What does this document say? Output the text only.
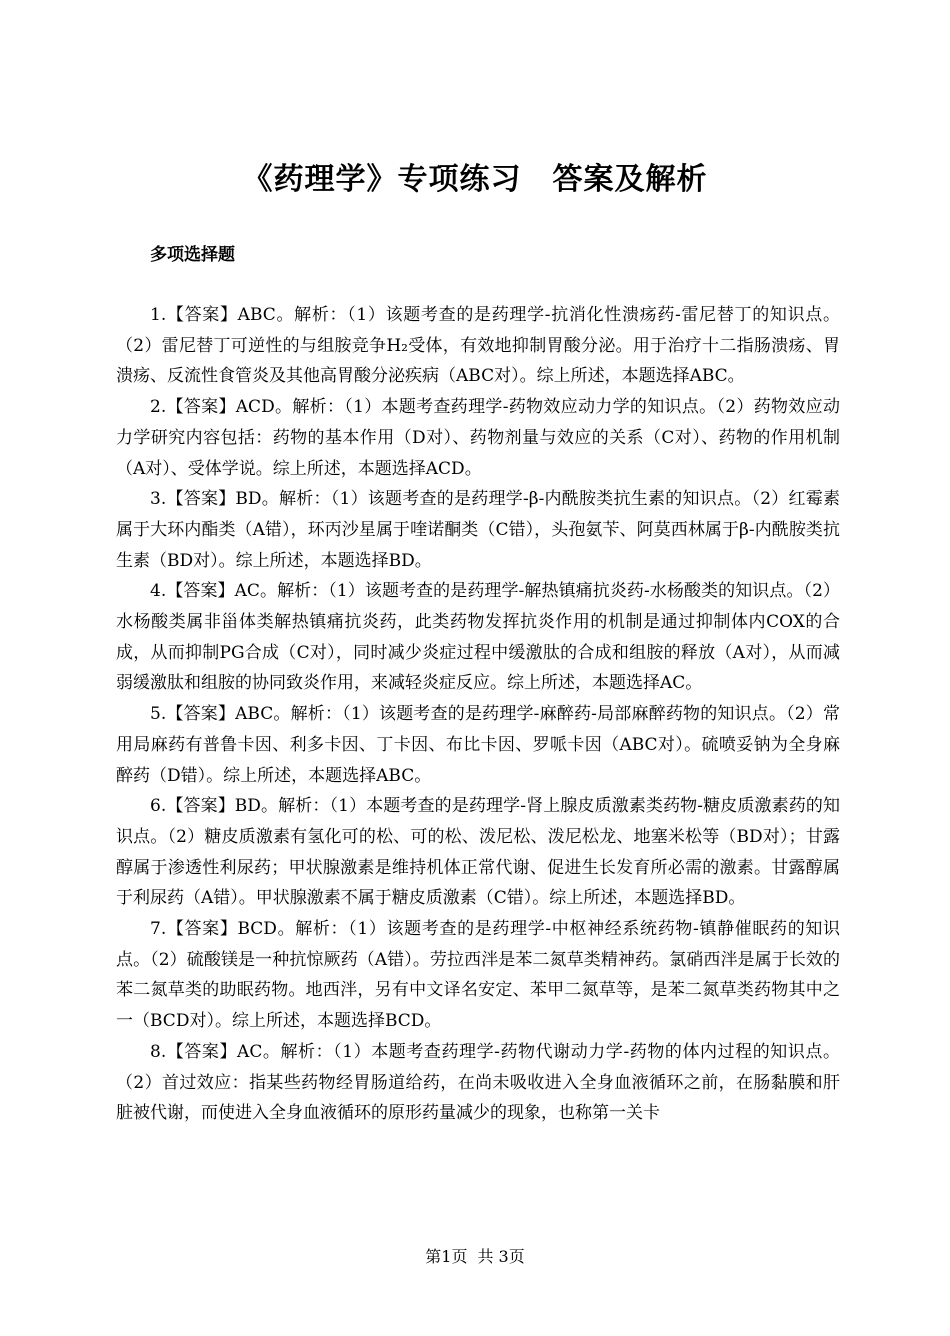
《药理学》专项练习　答案及解析
多项选择题

1.【答案】ABC。解析：（1）该题考查的是药理学-抗消化性溃疡药-雷尼替丁的知识点。（2）雷尼替丁可逆性的与组胺竞争H₂受体，有效地抑制胃酸分泌。用于治疗十二指肠溃疡、胃溃疡、反流性食管炎及其他高胃酸分泌疾病（ABC对）。综上所述，本题选择ABC。

2.【答案】ACD。解析：（1）本题考查药理学-药物效应动力学的知识点。（2）药物效应动力学研究内容包括：药物的基本作用（D对）、药物剂量与效应的关系（C对）、药物的作用机制（A对）、受体学说。综上所述，本题选择ACD。

3.【答案】BD。解析：（1）该题考查的是药理学-β-内酰胺类抗生素的知识点。（2）红霉素属于大环内酯类（A错），环丙沙星属于喹诺酮类（C错），头孢氨苄、阿莫西林属于β-内酰胺类抗生素（BD对）。综上所述，本题选择BD。

4.【答案】AC。解析：（1）该题考查的是药理学-解热镇痛抗炎药-水杨酸类的知识点。（2）水杨酸类属非甾体类解热镇痛抗炎药，此类药物发挥抗炎作用的机制是通过抑制体内COX的合成，从而抑制PG合成（C对），同时减少炎症过程中缓激肽的合成和组胺的释放（A对），从而减弱缓激肽和组胺的协同致炎作用，来减轻炎症反应。综上所述，本题选择AC。

5.【答案】ABC。解析：（1）该题考查的是药理学-麻醉药-局部麻醉药物的知识点。（2）常用局麻药有普鲁卡因、利多卡因、丁卡因、布比卡因、罗哌卡因（ABC对）。硫喷妥钠为全身麻醉药（D错）。综上所述，本题选择ABC。

6.【答案】BD。解析：（1）本题考查的是药理学-肾上腺皮质激素类药物-糖皮质激素药的知识点。（2）糖皮质激素有氢化可的松、可的松、泼尼松、泼尼松龙、地塞米松等（BD对）；甘露醇属于渗透性利尿药；甲状腺激素是维持机体正常代谢、促进生长发育所必需的激素。甘露醇属于利尿药（A错）。甲状腺激素不属于糖皮质激素（C错）。综上所述，本题选择BD。

7.【答案】BCD。解析：（1）该题考查的是药理学-中枢神经系统药物-镇静催眠药的知识点。（2）硫酸镁是一种抗惊厥药（A错）。劳拉西泮是苯二氮草类精神药。氯硝西泮是属于长效的苯二氮草类的助眠药物。地西泮，另有中文译名安定、苯甲二氮草等，是苯二氮草类药物其中之一（BCD对）。综上所述，本题选择BCD。

8.【答案】AC。解析：（1）本题考查药理学-药物代谢动力学-药物的体内过程的知识点。（2）首过效应：指某些药物经胃肠道给药，在尚未吸收进入全身血液循环之前，在肠黏膜和肝脏被代谢，而使进入全身血液循环的原形药量减少的现象，也称第一关卡

第1页 共 3页
